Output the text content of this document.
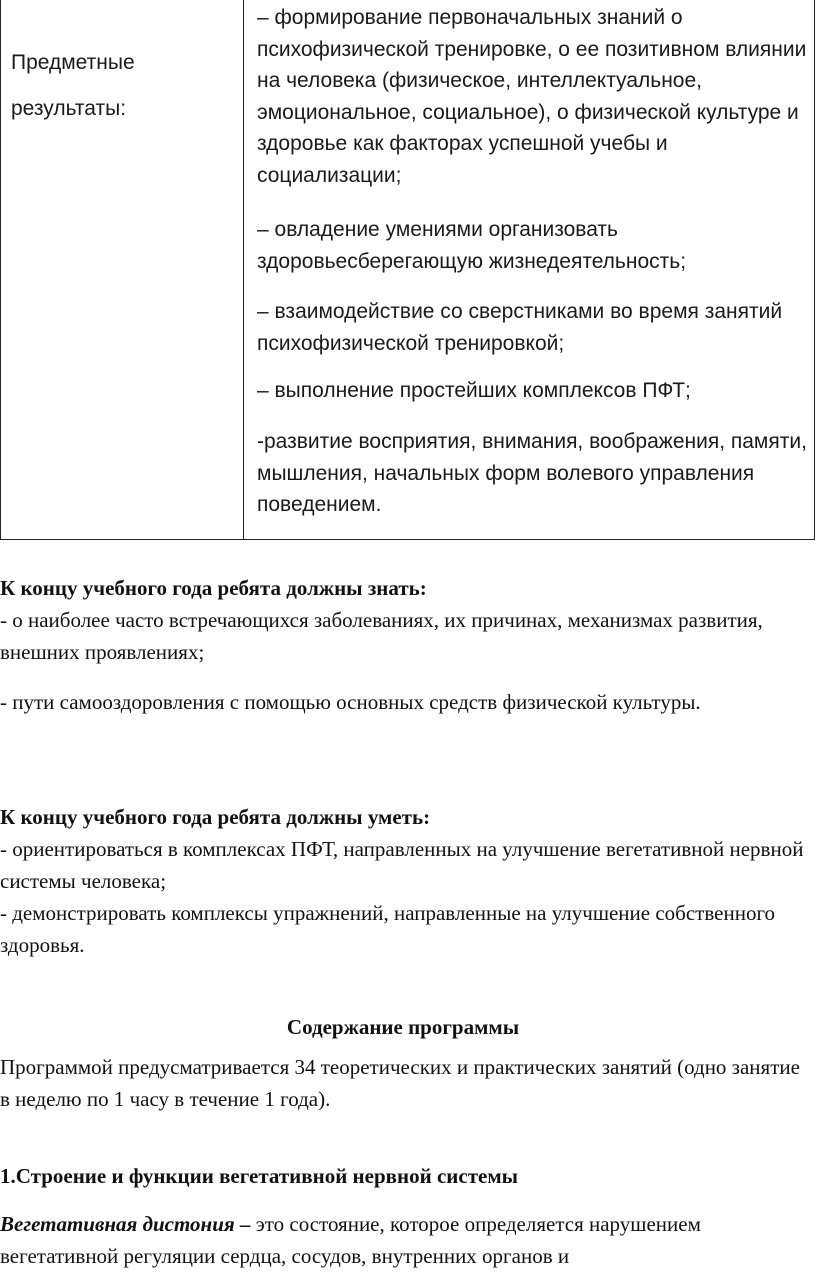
Предметные
результаты:

– формирование первоначальных знаний о психофизической тренировке, о ее позитивном влиянии на человека (физическое, интеллектуальное, эмоциональное, социальное), о физической культуре и здоровье как факторах успешной учебы и социализации;

– овладение умениями организовать здоровьесберегающую жизнедеятельность;

– взаимодействие со сверстниками во время занятий психофизической тренировкой;

– выполнение простейших комплексов ПФТ;

-развитие восприятия, внимания, воображения, памяти, мышления, начальных форм волевого управления поведением.

К концу учебного года ребята должны знать:

- о наиболее часто встречающихся заболеваниях, их причинах, механизмах развития, внешних проявлениях;

- пути самооздоровления с помощью основных средств физической культуры.

К концу учебного года ребята должны уметь:

- ориентироваться в комплексах ПФТ, направленных на улучшение вегетативной нервной системы человека;

- демонстрировать комплексы упражнений, направленные на улучшение собственного здоровья.

Содержание программы

Программой предусматривается 34 теоретических и практических занятий (одно занятие в неделю по 1 часу в течение 1 года).

1.Строение и функции вегетативной нервной системы

Вегетативная дистония – это состояние, которое определяется нарушением вегетативной регуляции сердца, сосудов, внутренних органов и
